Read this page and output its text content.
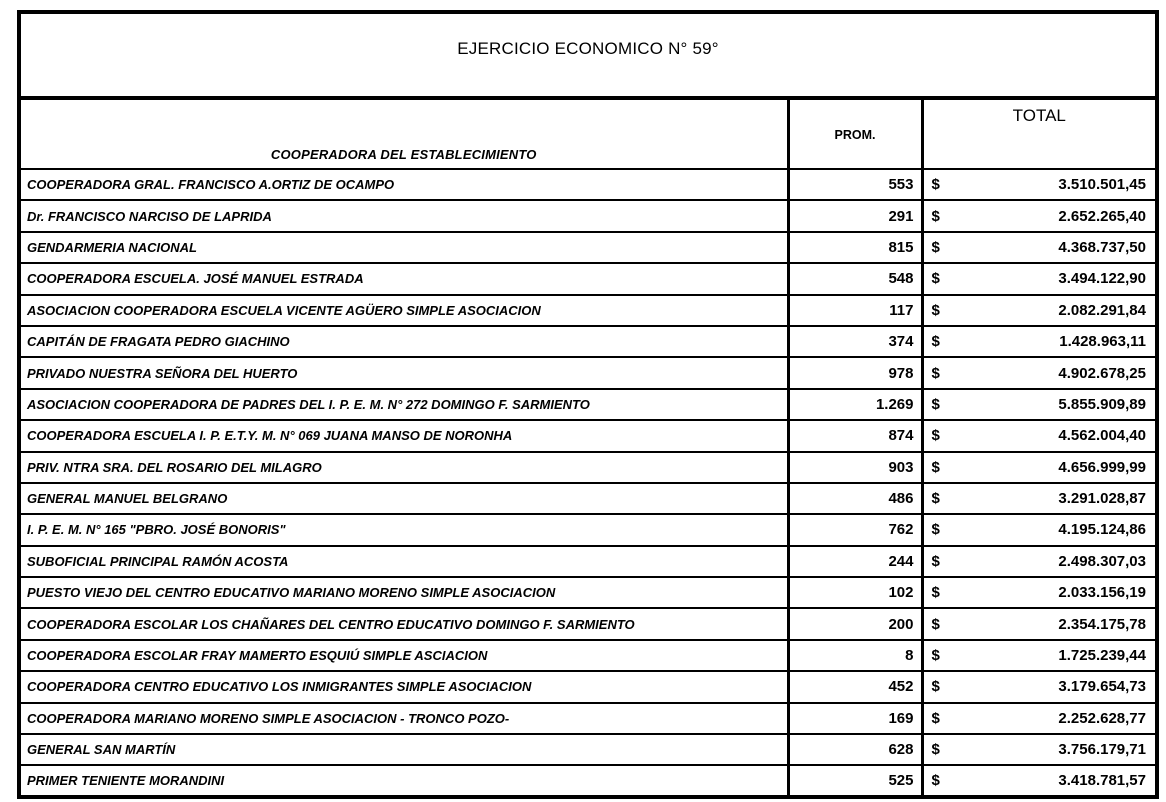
EJERCICIO ECONOMICO N° 59°		
COOPERADORA DEL ESTABLECIMIENTO	PROM.	TOTAL
COOPERADORA GRAL. FRANCISCO A.ORTIZ DE OCAMPO	553	$ 3.510.501,45

Dr. FRANCISCO NARCISO DE LAPRIDA	291	$ 2.652.265,40

GENDARMERIA NACIONAL	815	$ 4.368.737,50

COOPERADORA ESCUELA. JOSÉ MANUEL ESTRADA	548	$ 3.494.122,90

ASOCIACION COOPERADORA ESCUELA VICENTE AGÜERO SIMPLE ASOCIACION	117	$ 2.082.291,84

CAPITÁN DE FRAGATA PEDRO GIACHINO	374	$ 1.428.963,11

PRIVADO NUESTRA SEÑORA DEL HUERTO	978	$ 4.902.678,25

ASOCIACION COOPERADORA DE PADRES DEL I. P. E. M. N° 272 DOMINGO F. SARMIENTO	1.269	$ 5.855.909,89

COOPERADORA ESCUELA I. P. E.T.Y. M. N° 069 JUANA MANSO DE NORONHA	874	$ 4.562.004,40

PRIV. NTRA SRA. DEL ROSARIO DEL MILAGRO	903	$ 4.656.999,99

GENERAL MANUEL BELGRANO	486	$ 3.291.028,87

I. P. E. M. N° 165 "PBRO. JOSÉ BONORIS"	762	$ 4.195.124,86

SUBOFICIAL PRINCIPAL RAMÓN ACOSTA	244	$ 2.498.307,03

PUESTO VIEJO DEL CENTRO EDUCATIVO MARIANO MORENO SIMPLE ASOCIACION	102	$ 2.033.156,19

COOPERADORA ESCOLAR LOS CHAÑARES DEL CENTRO EDUCATIVO DOMINGO F. SARMIENTO	200	$ 2.354.175,78

COOPERADORA ESCOLAR FRAY MAMERTO ESQUIÚ SIMPLE ASCIACION	8	$ 1.725.239,44

COOPERADORA CENTRO EDUCATIVO LOS INMIGRANTES SIMPLE ASOCIACION	452	$ 3.179.654,73

COOPERADORA MARIANO MORENO SIMPLE ASOCIACION - TRONCO POZO-	169	$ 2.252.628,77

GENERAL SAN MARTÍN	628	$ 3.756.179,71

PRIMER TENIENTE MORANDINI	525	$ 3.418.781,57
